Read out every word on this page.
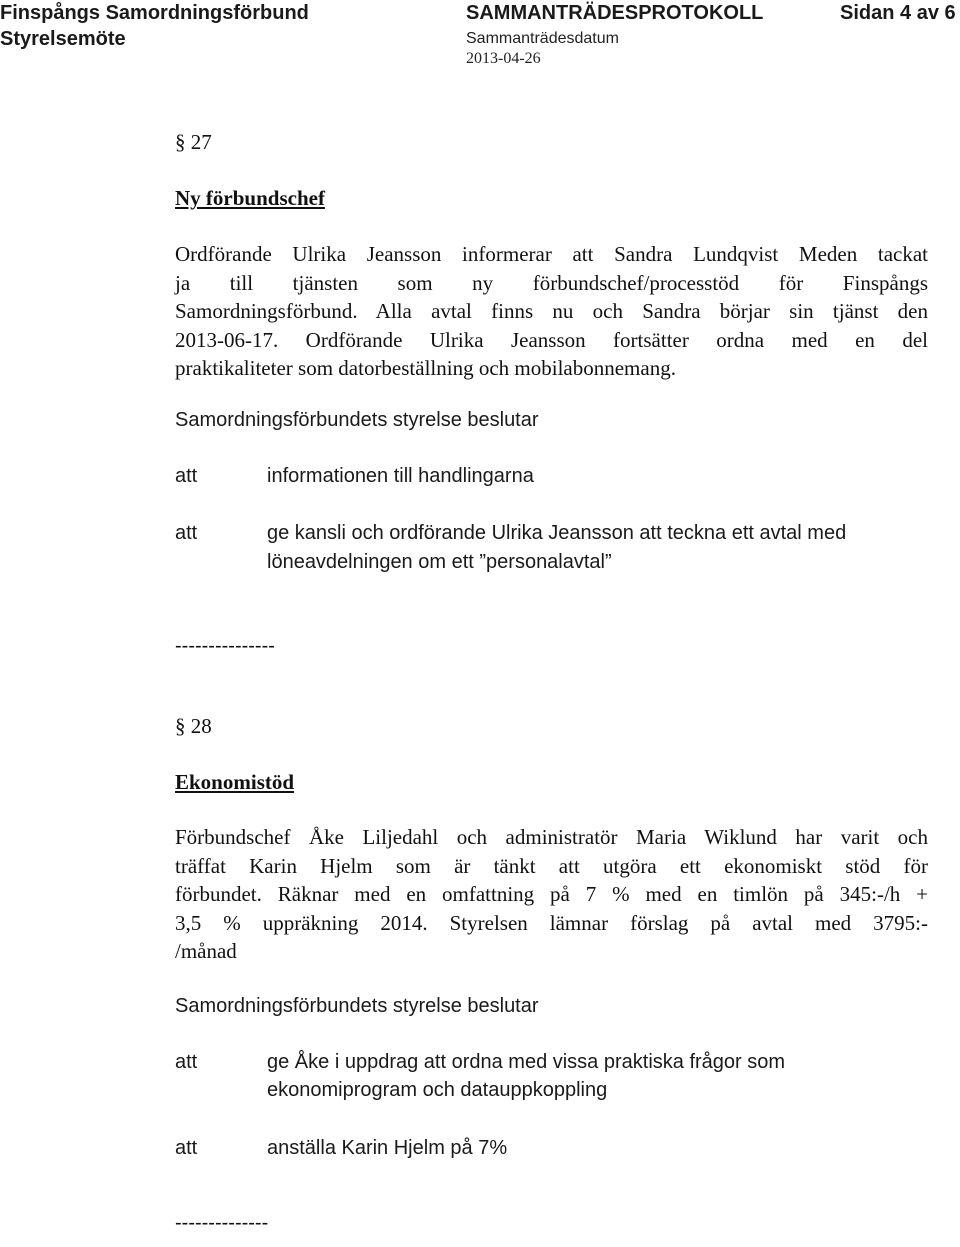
Finspångs Samordningsförbund
Styrelsemöte
SAMMANTRÄDESPROTOKOLL	Sidan 4 av 6
Sammanträdesdatum
2013-04-26

§ 27

Ny förbundschef

Ordförande Ulrika Jeansson informerar att Sandra Lundqvist Meden tackat

ja till tjänsten som ny förbundschef/processtöd för Finspångs

Samordningsförbund. Alla avtal finns nu och Sandra börjar sin tjänst den

2013-06-17. Ordförande Ulrika Jeansson fortsätter ordna med en del

praktikaliteter som datorbeställning och mobilabonnemang.

Samordningsförbundets styrelse beslutar

att	informationen till handlingarna
att	ge kansli och ordförande Ulrika Jeansson att teckna ett avtal med löneavdelningen om ett ”personalavtal”

---------------

§ 28

Ekonomistöd

Förbundschef Åke Liljedahl och administratör Maria Wiklund har varit och

träffat Karin Hjelm som är tänkt att utgöra ett ekonomiskt stöd för

förbundet. Räknar med en omfattning på 7 % med en timlön på 345:-/h +

3,5 % uppräkning 2014. Styrelsen lämnar förslag på avtal med 3795:-

/månad

Samordningsförbundets styrelse beslutar

att	ge Åke i uppdrag att ordna med vissa praktiska frågor som ekonomiprogram och datauppkoppling
att	anställa Karin Hjelm på 7%

--------------
